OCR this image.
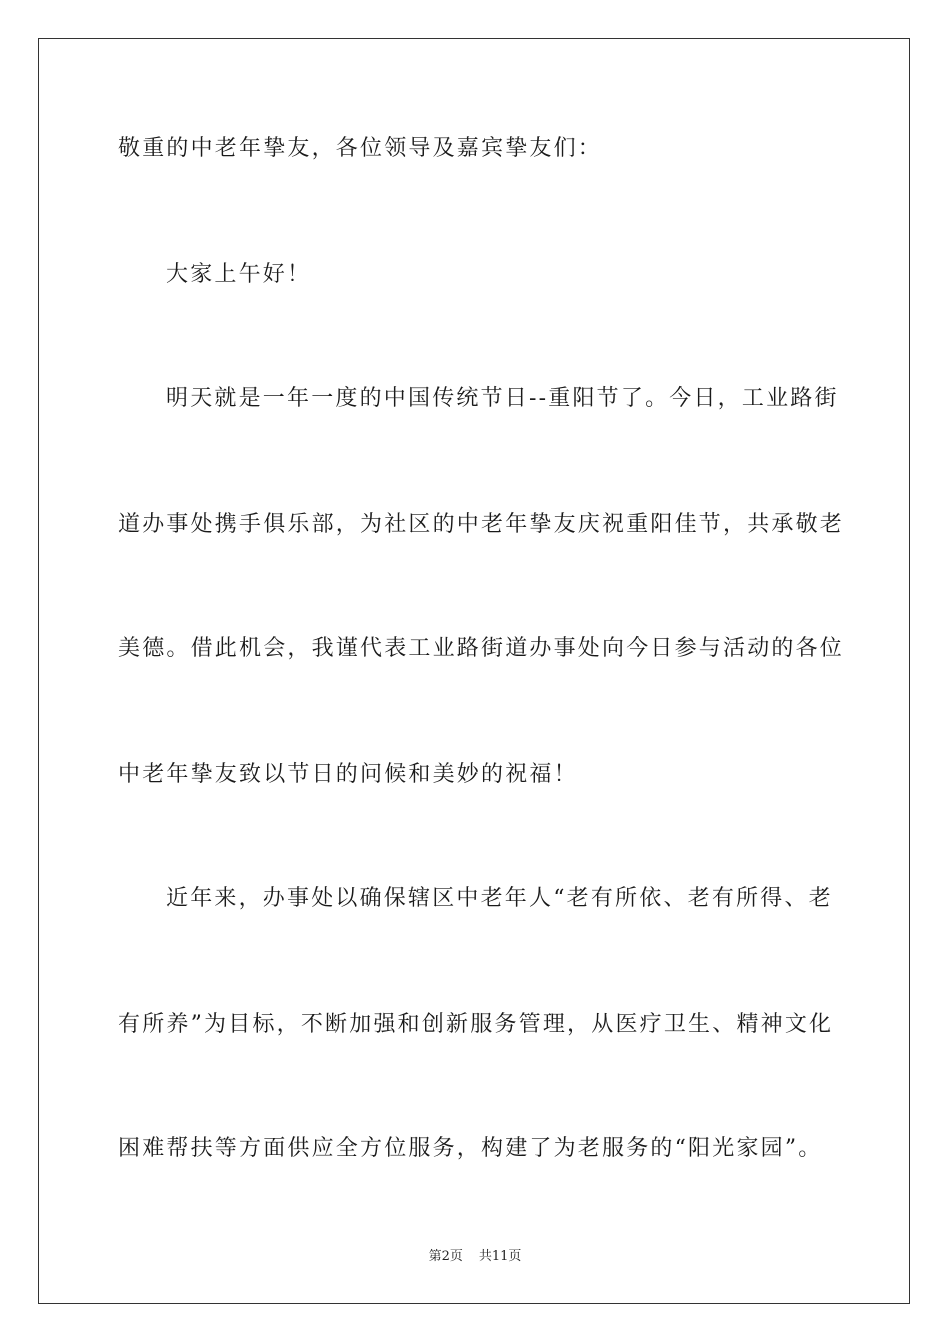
敬重的中老年挚友，各位领导及嘉宾挚友们：
大家上午好！
明天就是一年一度的中国传统节日--重阳节了。今日，工业路街
道办事处携手俱乐部，为社区的中老年挚友庆祝重阳佳节，共承敬老
美德。借此机会，我谨代表工业路街道办事处向今日参与活动的各位
中老年挚友致以节日的问候和美妙的祝福！
近年来，办事处以确保辖区中老年人“老有所依、老有所得、老
有所养”为目标，不断加强和创新服务管理，从医疗卫生、精神文化
困难帮扶等方面供应全方位服务，构建了为老服务的“阳光家园”。
第2页 共11页
